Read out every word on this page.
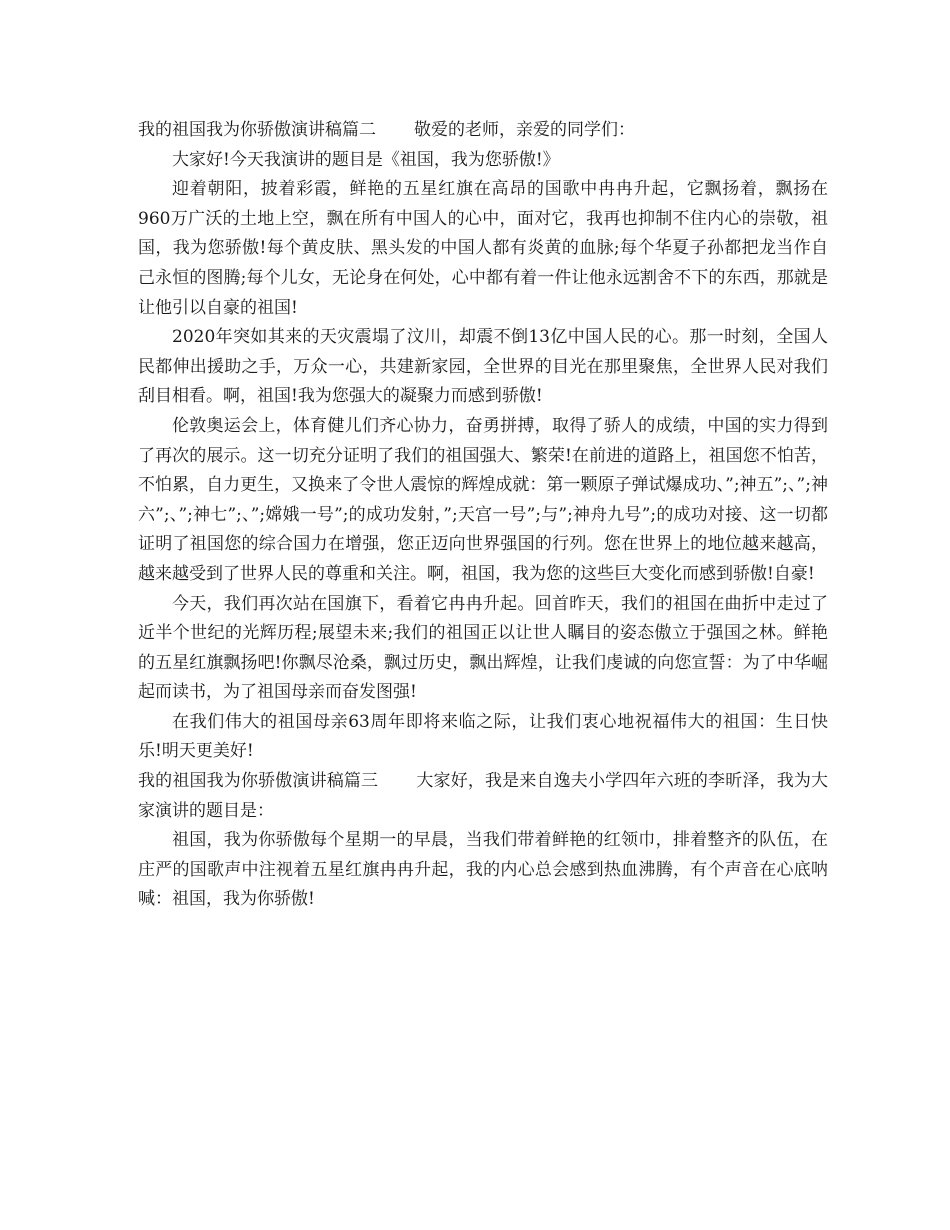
我的祖国我为你骄傲演讲稿篇二 敬爱的老师，亲爱的同学们：

大家好!今天我演讲的题目是《祖国，我为您骄傲!》

迎着朝阳，披着彩霞，鲜艳的五星红旗在高昂的国歌中冉冉升起，它飘扬着，飘扬在960万广沃的土地上空，飘在所有中国人的心中，面对它，我再也抑制不住内心的崇敬，祖国，我为您骄傲!每个黄皮肤、黑头发的中国人都有炎黄的血脉;每个华夏子孙都把龙当作自己永恒的图腾;每个儿女，无论身在何处，心中都有着一件让他永远割舍不下的东西，那就是让他引以自豪的祖国!

2020年突如其来的天灾震塌了汶川，却震不倒13亿中国人民的心。那一时刻，全国人民都伸出援助之手，万众一心，共建新家园，全世界的目光在那里聚焦，全世界人民对我们刮目相看。啊，祖国!我为您强大的凝聚力而感到骄傲!

伦敦奥运会上，体育健儿们齐心协力，奋勇拼搏，取得了骄人的成绩，中国的实力得到了再次的展示。这一切充分证明了我们的祖国强大、繁荣!在前进的道路上，祖国您不怕苦，不怕累，自力更生，又换来了令世人震惊的辉煌成就：第一颗原子弹试爆成功、”;神五”;、”;神六”;、”;神七”;、”;嫦娥一号”;的成功发射，”;天宫一号”;与”;神舟九号”;的成功对接、这一切都证明了祖国您的综合国力在增强，您正迈向世界强国的行列。您在世界上的地位越来越高，越来越受到了世界人民的尊重和关注。啊，祖国，我为您的这些巨大变化而感到骄傲!自豪!

今天，我们再次站在国旗下，看着它冉冉升起。回首昨天，我们的祖国在曲折中走过了近半个世纪的光辉历程;展望未来;我们的祖国正以让世人瞩目的姿态傲立于强国之林。鲜艳的五星红旗飘扬吧!你飘尽沧桑，飘过历史，飘出辉煌，让我们虔诚的向您宣誓：为了中华崛起而读书，为了祖国母亲而奋发图强!

在我们伟大的祖国母亲63周年即将来临之际，让我们衷心地祝福伟大的祖国：生日快乐!明天更美好!

我的祖国我为你骄傲演讲稿篇三 大家好，我是来自逸夫小学四年六班的李昕泽，我为大家演讲的题目是：

祖国，我为你骄傲每个星期一的早晨，当我们带着鲜艳的红领巾，排着整齐的队伍，在庄严的国歌声中注视着五星红旗冉冉升起，我的内心总会感到热血沸腾，有个声音在心底呐喊：祖国，我为你骄傲!
